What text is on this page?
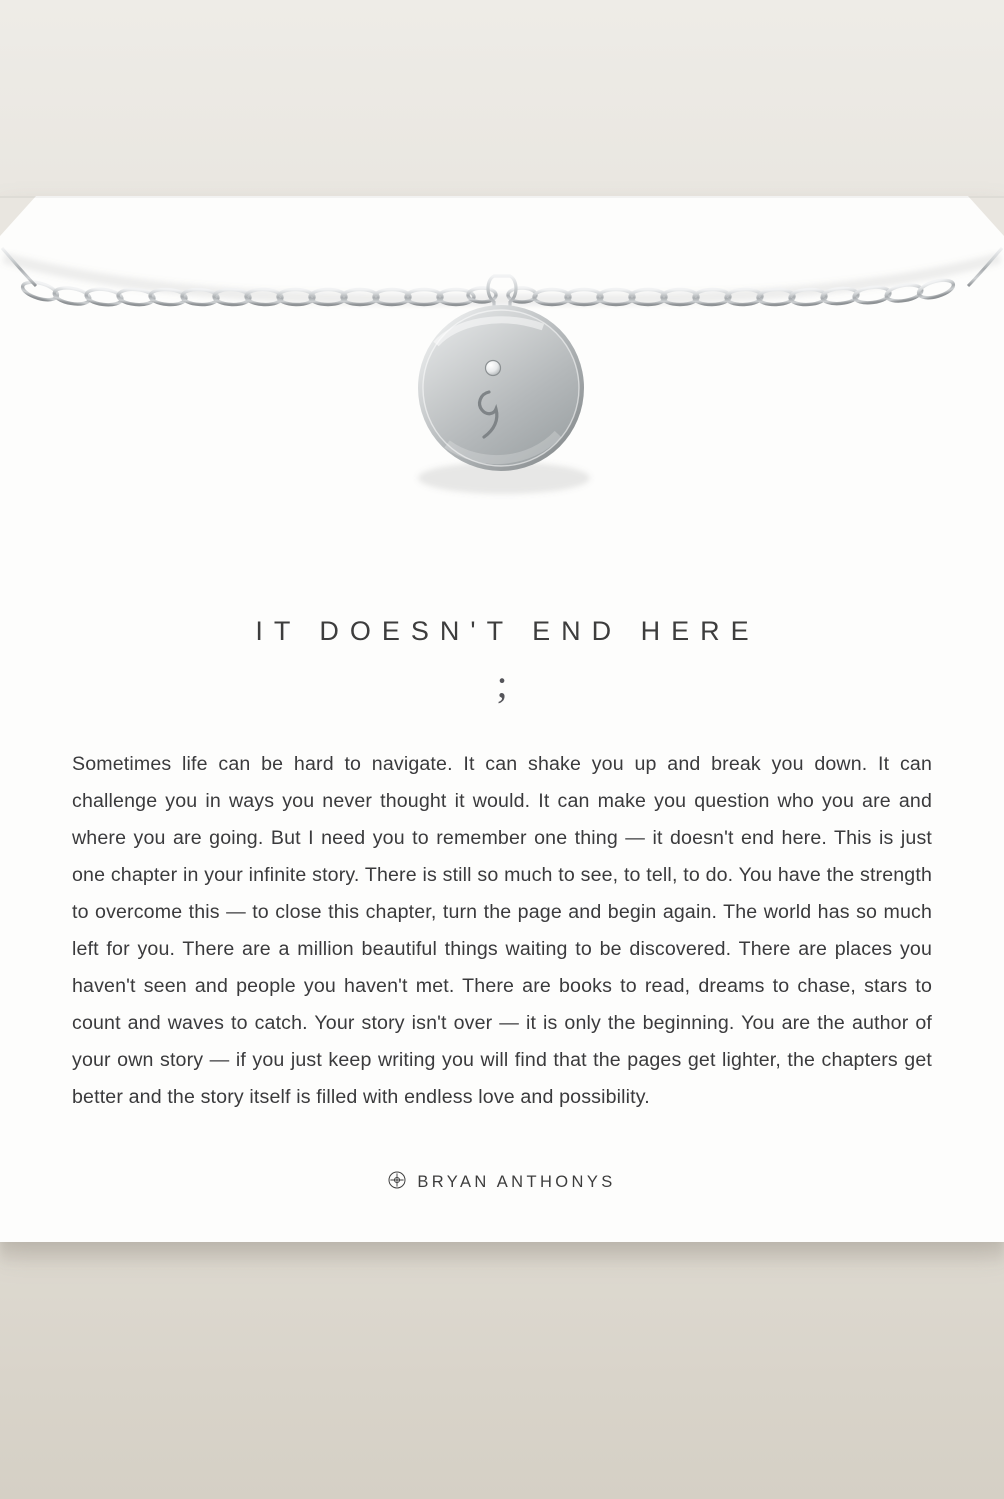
IT DOESN'T END HERE
;
Sometimes life can be hard to navigate. It can shake you up and break you down. It can challenge you in ways you never thought it would. It can make you question who you are and where you are going. But I need you to remember one thing — it doesn't end here. This is just one chapter in your infinite story. There is still so much to see, to tell, to do. You have the strength to overcome this — to close this chapter, turn the page and begin again. The world has so much left for you. There are a million beautiful things waiting to be discovered. There are places you haven't seen and people you haven't met. There are books to read, dreams to chase, stars to count and waves to catch. Your story isn't over — it is only the beginning. You are the author of your own story — if you just keep writing you will find that the pages get lighter, the chapters get better and the story itself is filled with endless love and possibility.
BRYAN ANTHONYS
